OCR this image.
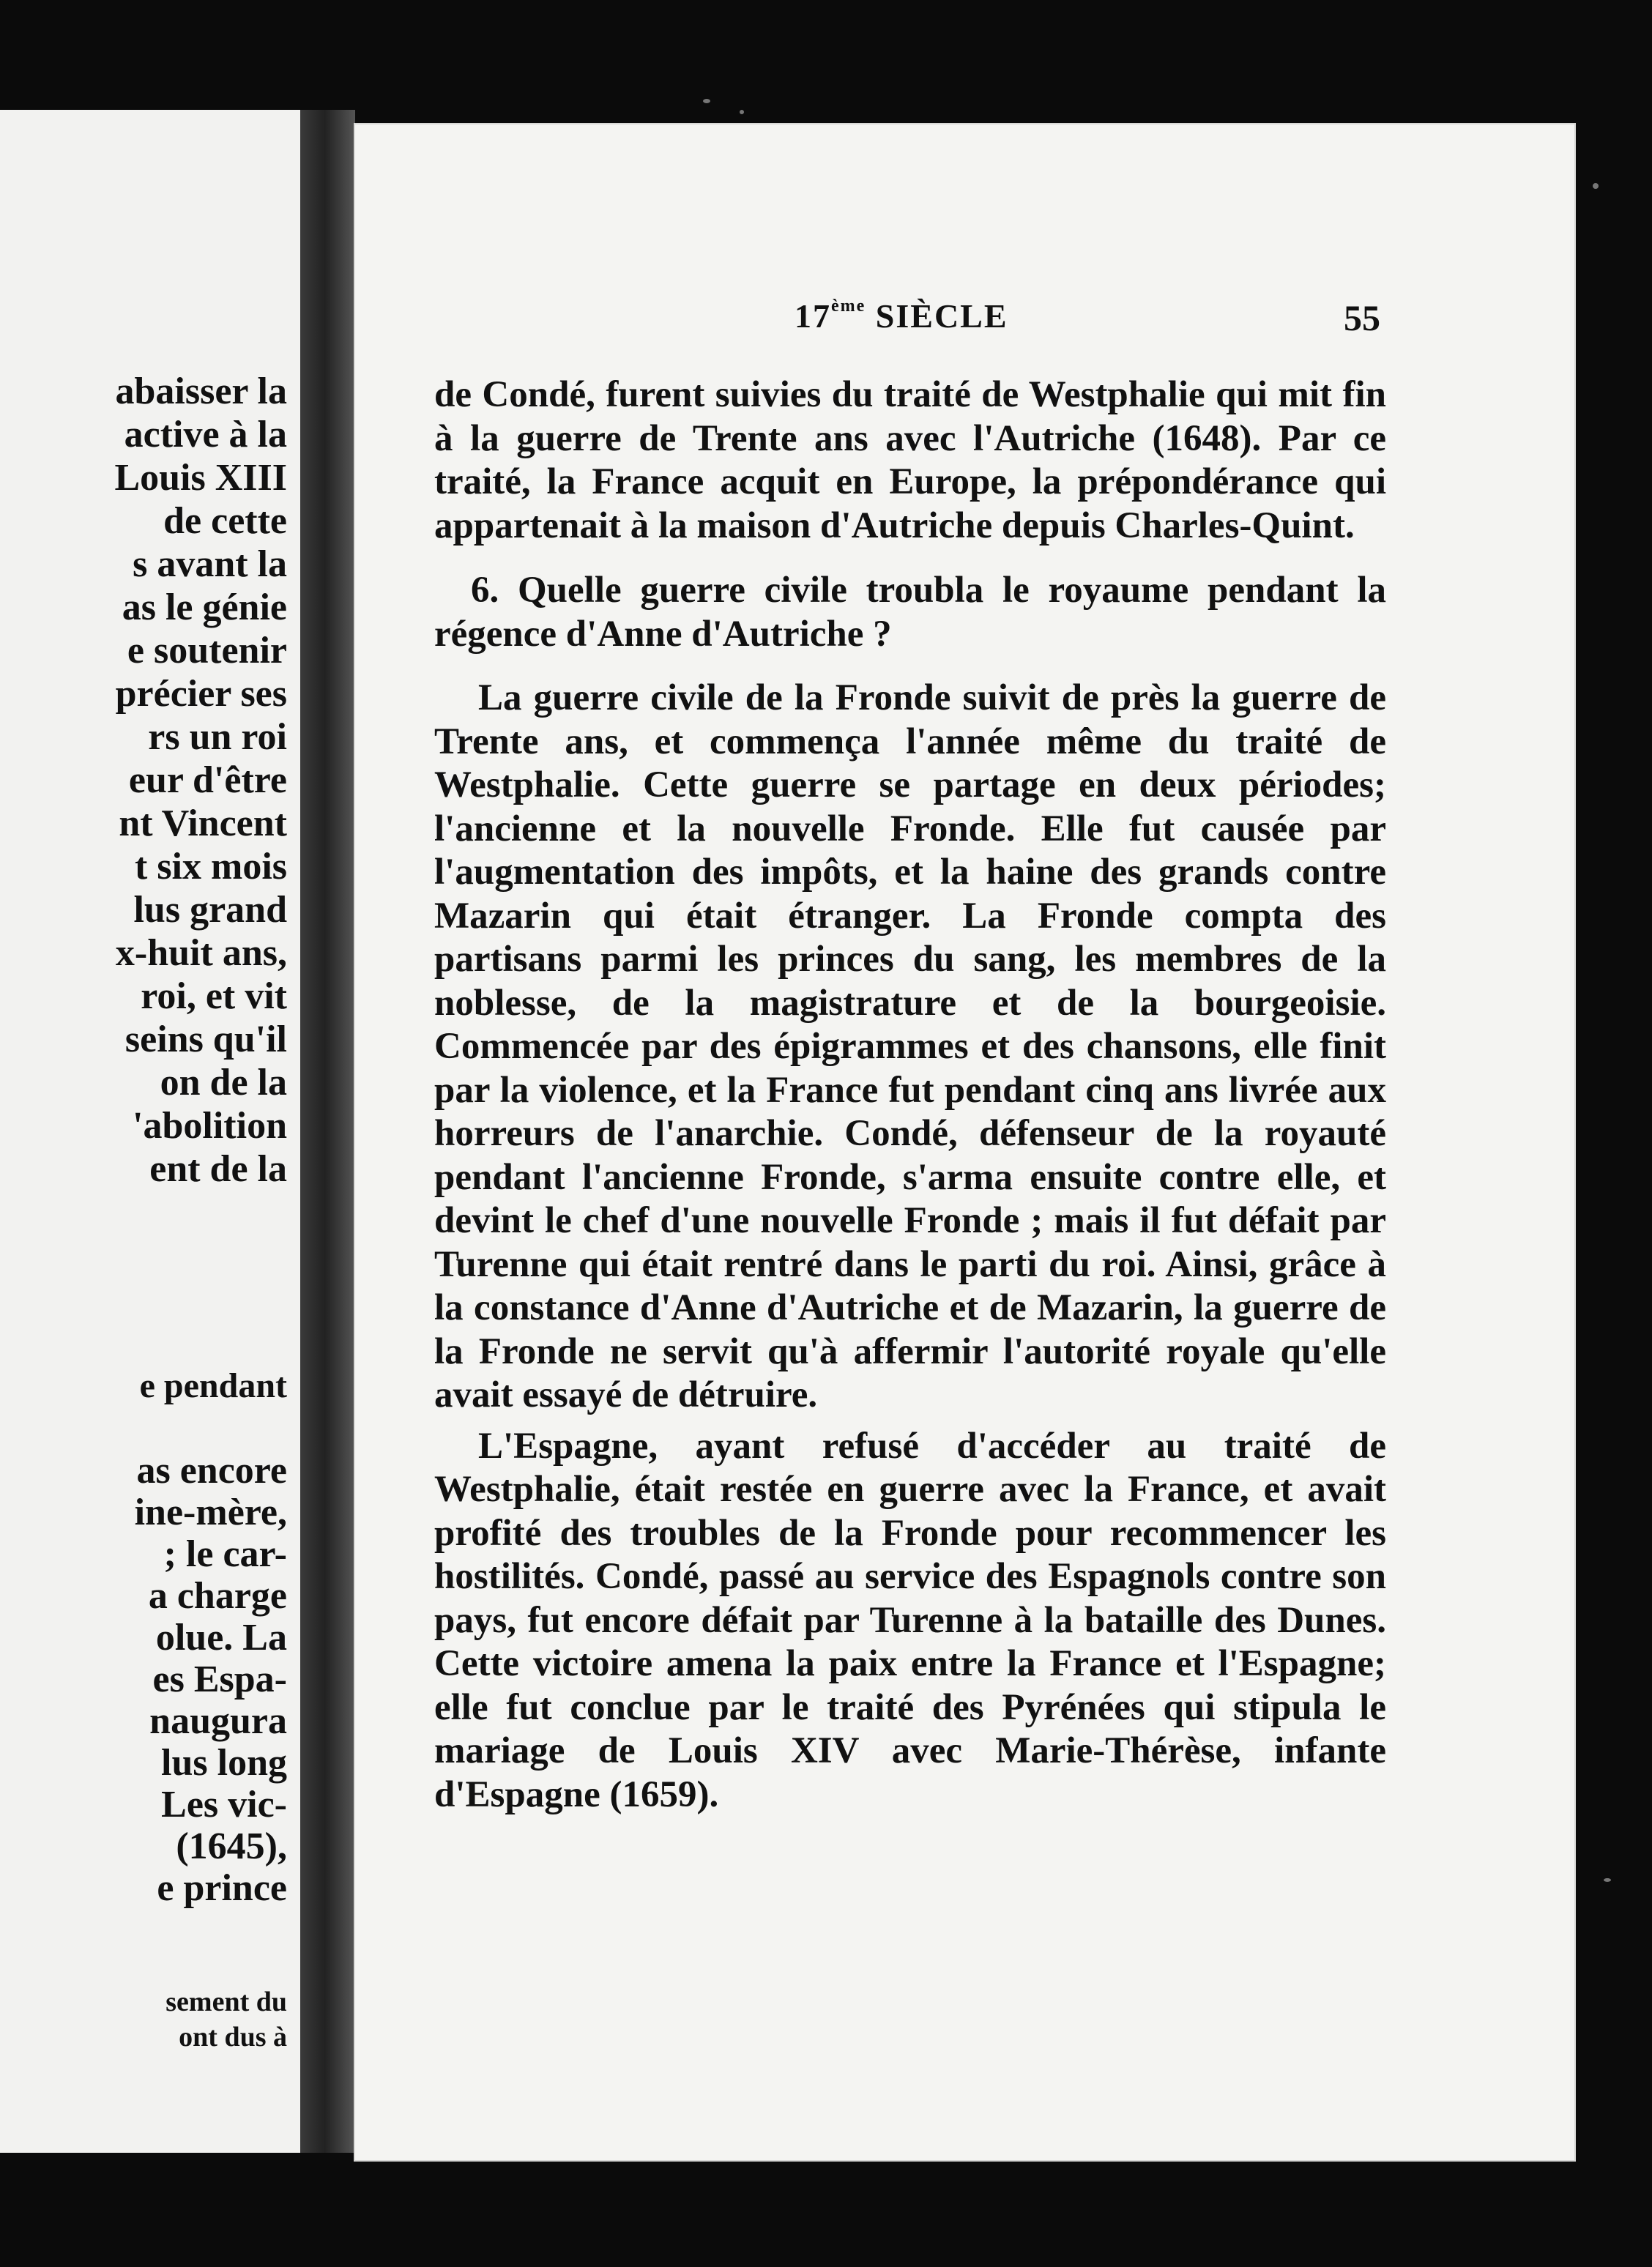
abaisser la
active à la
Louis XIII
de cette
s avant la
as le génie
e soutenir
précier ses
rs un roi
eur d'être
nt Vincent
t six mois
lus grand
x-huit ans,
roi, et vit
seins qu'il
on de la
'abolition
ent de la
e pendant
as encore
ine-mère,
; le car-
a charge
olue. La
es Espa-
naugura
lus long
Les vic-
(1645),
e prince
sement du
ont dus à
17ème SIÈCLE	55

de Condé, furent suivies du traité de Westphalie qui mit fin à la guerre de Trente ans avec l'Autriche (1648). Par ce traité, la France acquit en Europe, la prépondérance qui appartenait à la maison d'Autriche depuis Charles-Quint.

6. Quelle guerre civile troubla le royaume pendant la régence d'Anne d'Autriche ?

La guerre civile de la Fronde suivit de près la guerre de Trente ans, et commença l'année même du traité de Westphalie. Cette guerre se partage en deux périodes; l'ancienne et la nouvelle Fronde. Elle fut causée par l'augmentation des impôts, et la haine des grands contre Mazarin qui était étranger. La Fronde compta des partisans parmi les princes du sang, les membres de la noblesse, de la magistrature et de la bourgeoisie. Commencée par des épigrammes et des chansons, elle finit par la violence, et la France fut pendant cinq ans livrée aux horreurs de l'anarchie. Condé, défenseur de la royauté pendant l'ancienne Fronde, s'arma ensuite contre elle, et devint le chef d'une nouvelle Fronde ; mais il fut défait par Turenne qui était rentré dans le parti du roi. Ainsi, grâce à la constance d'Anne d'Autriche et de Mazarin, la guerre de la Fronde ne servit qu'à affermir l'autorité royale qu'elle avait essayé de détruire.

L'Espagne, ayant refusé d'accéder au traité de Westphalie, était restée en guerre avec la France, et avait profité des troubles de la Fronde pour recommencer les hostilités. Condé, passé au service des Espagnols contre son pays, fut encore défait par Turenne à la bataille des Dunes. Cette victoire amena la paix entre la France et l'Espagne; elle fut conclue par le traité des Pyrénées qui stipula le mariage de Louis XIV avec Marie-Thérèse, infante d'Espagne (1659).
